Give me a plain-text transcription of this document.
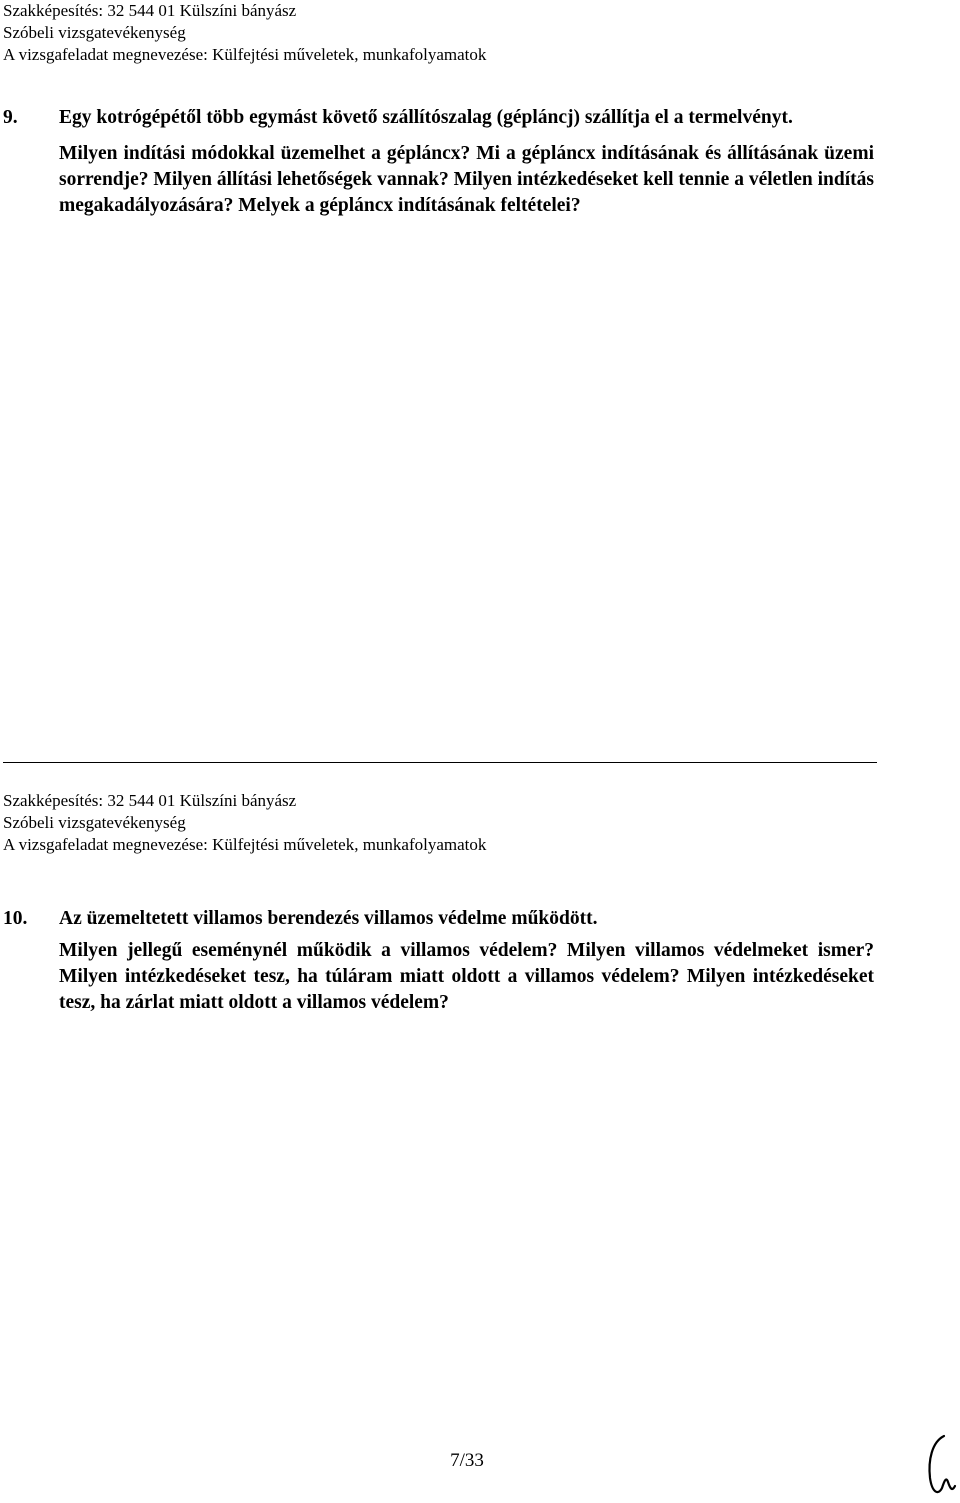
Szakképesítés: 32 544 01 Külszíni bányász
Szóbeli vizsgatevékenység
A vizsgafeladat megnevezése: Külfejtési műveletek, munkafolyamatok
9. Egy kotrógépétől több egymást követő szállítószalag (gépláncj) szállítja el a termelvényt.

Milyen indítási módokkal üzemelhet a gépláncx? Mi a gépláncx indításának és állításának üzemi sorrendje? Milyen állítási lehetőségek vannak? Milyen intézkedéseket kell tennie a véletlen indítás megakadályozására? Melyek a gépláncx indításának feltételei?

Szakképesítés: 32 544 01 Külszíni bányász
Szóbeli vizsgatevékenység
A vizsgafeladat megnevezése: Külfejtési műveletek, munkafolyamatok
10. Az üzemeltetett villamos berendezés villamos védelme működött.

Milyen jellegű eseménynél működik a villamos védelem? Milyen villamos védelmeket ismer? Milyen intézkedéseket tesz, ha túláram miatt oldott a villamos védelem? Milyen intézkedéseket tesz, ha zárlat miatt oldott a villamos védelem?

7/33
